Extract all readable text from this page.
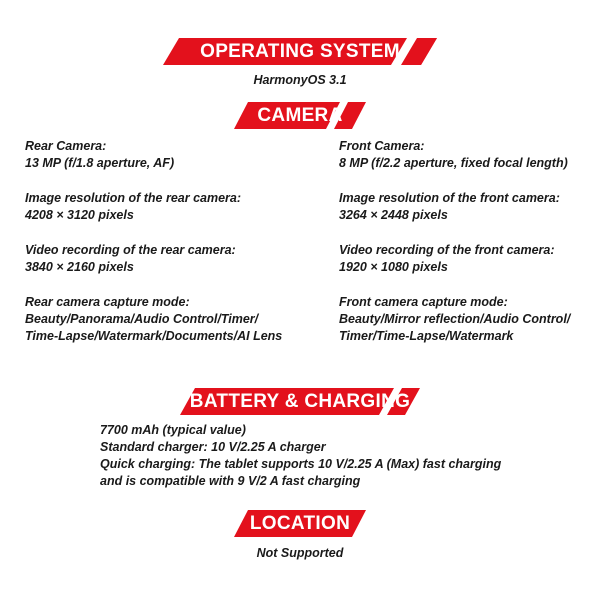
OPERATING SYSTEM
HarmonyOS 3.1
CAMERA
Rear Camera:
13 MP (f/1.8 aperture, AF)
Image resolution of the rear camera:
4208 × 3120 pixels
Video recording of the rear camera:
3840 × 2160 pixels
Rear camera capture mode:
Beauty/Panorama/Audio Control/Timer/
Time-Lapse/Watermark/Documents/AI Lens
Front Camera:
8 MP (f/2.2 aperture, fixed focal length)
Image resolution of the front camera:
3264 × 2448 pixels
Video recording of the front camera:
1920 × 1080 pixels
Front camera capture mode:
Beauty/Mirror reflection/Audio Control/
Timer/Time-Lapse/Watermark
BATTERY & CHARGING
7700 mAh (typical value)
Standard charger: 10 V/2.25 A charger
Quick charging: The tablet supports 10 V/2.25 A (Max) fast charging
and is compatible with 9 V/2 A fast charging
LOCATION
Not Supported
